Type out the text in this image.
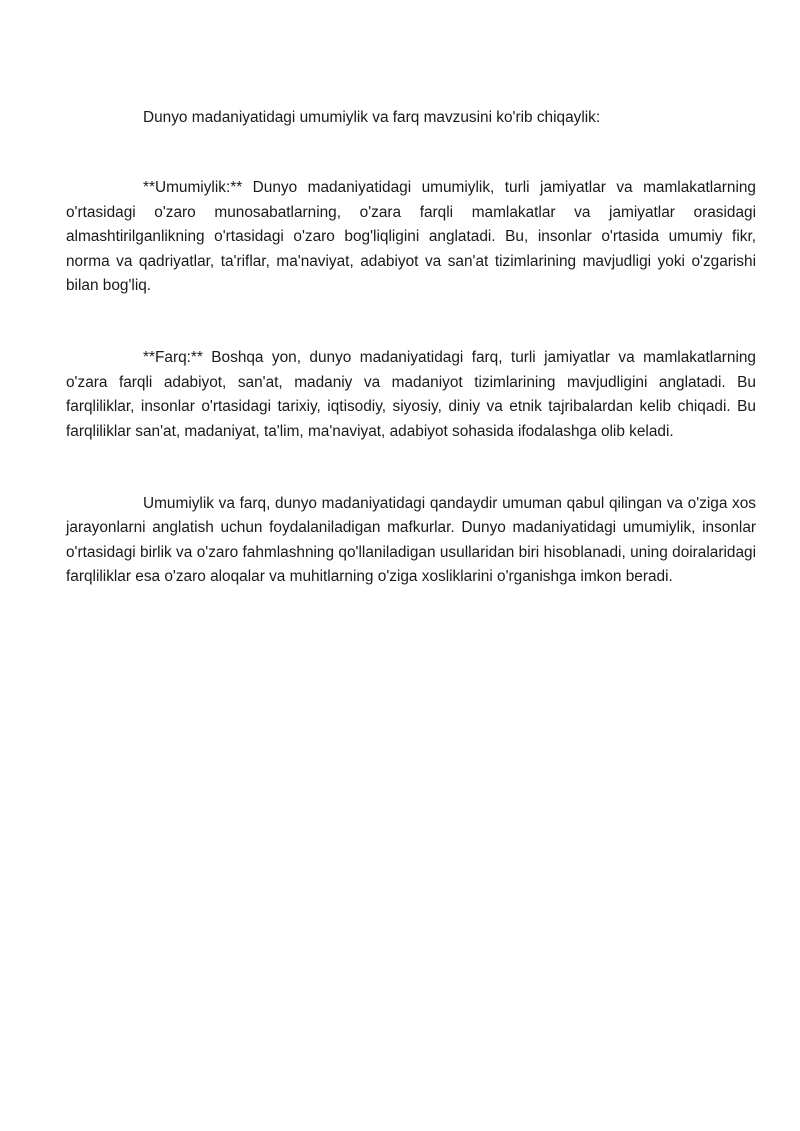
Dunyo madaniyatidagi umumiylik va farq mavzusini ko'rib chiqaylik:

**Umumiylik:** Dunyo madaniyatidagi umumiylik, turli jamiyatlar va mamlakatlarning o'rtasidagi o'zaro munosabatlarning, o'zara farqli mamlakatlar va jamiyatlar orasidagi almashtirilganlikning o'rtasidagi o'zaro bog'liqligini anglatadi. Bu, insonlar o'rtasida umumiy fikr, norma va qadriyatlar, ta'riflar, ma'naviyat, adabiyot va san'at tizimlarining mavjudligi yoki o'zgarishi bilan bog'liq.

**Farq:** Boshqa yon, dunyo madaniyatidagi farq, turli jamiyatlar va mamlakatlarning o'zara farqli adabiyot, san'at, madaniy va madaniyot tizimlarining mavjudligini anglatadi. Bu farqliliklar, insonlar o'rtasidagi tarixiy, iqtisodiy, siyosiy, diniy va etnik tajribalardan kelib chiqadi. Bu farqliliklar san'at, madaniyat, ta'lim, ma'naviyat, adabiyot sohasida ifodalashga olib keladi.

Umumiylik va farq, dunyo madaniyatidagi qandaydir umuman qabul qilingan va o'ziga xos jarayonlarni anglatish uchun foydalaniladigan mafkurlar. Dunyo madaniyatidagi umumiylik, insonlar o'rtasidagi birlik va o'zaro fahmlashning qo'llaniladigan usullaridan biri hisoblanadi, uning doiralaridagi farqliliklar esa o'zaro aloqalar va muhitlarning o'ziga xosliklarini o'rganishga imkon beradi.
